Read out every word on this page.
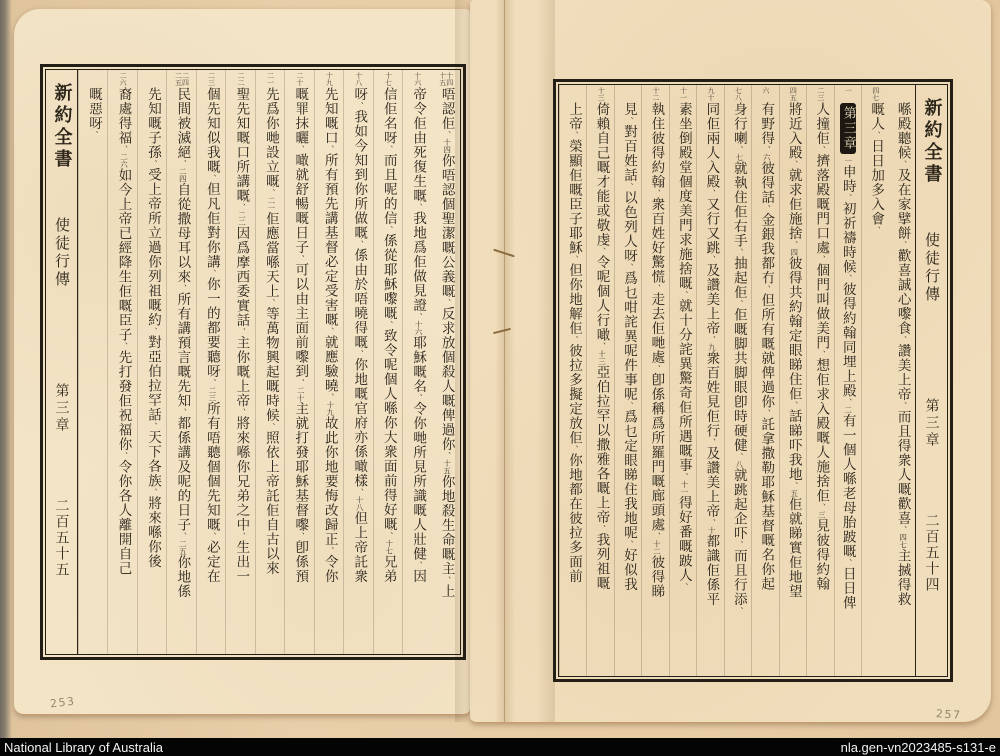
新約全書
使徒行傳
第三章
二百五十四
喺殿聽候、及在家擘餅、歡喜誠心嚟食、讚美上帝、而且得衆人嘅歡喜、四七主搣得救
四七
嘅人、日日加多入會、
一
第三章一申時、初祈禱時候、彼得約翰同埋上殿、二有一個人喺老母胎跛嘅、日日俾
二三
人撞佢、擠落殿嘅門口處、個門叫做美門、想佢求入殿嘅人施捨佢、三見彼得約翰
四五
將近入殿、就求佢施捨、四彼得共約翰定眼睇住佢、話睇吓我地、五佢就睇實佢地望
六
有野得、六彼得話、金銀我都冇、但所有嘅就俾過你、託拿撒勒耶穌基督嘅名你起
七八
身行喇、七就執住佢右手、抽起佢、佢嘅脚共脚眼卽時硬健、八就跳起企吓、而且行添、
九十
同佢兩人入殿、又行又跳、及讚美上帝、九衆百姓見佢行、及讚美上帝、十都識佢係平
十一
素坐倒殿堂個度美門求施捨嘅、就十分詫異驚奇佢所遇嘅事、十一得好番嘅跛人、
十二
執住彼得約翰、衆百姓好驚慌、走去佢哋處、卽係稱爲所羅門嘅廊頭處、十二彼得睇
見、對百姓話、以色列人呀、爲乜咁詫異呢件事呢、爲乜定眼睇住我地呢、好似我
十三
倚賴自己嘅才能或敬虔、令呢個人行噉、十三亞伯拉罕以撒雅各嘅上帝、我列祖嘅
上帝、榮顯佢嘅臣子耶穌、但你地解佢、彼拉多擬定放佢、你地都在彼拉多面前
十四十五
唔認佢、十四你唔認個聖潔嘅公義嘅、反求放個殺人嘅俾過你、十五你地殺生命嘅主、上
十六
帝令佢由死復生嘅、我地爲佢做見證、十六耶穌嘅名、令你哋所見所識嘅人壯健、因
十七
信佢名呀、而且呢的信、係從耶穌嚟嘅、致令呢個人喺你大衆面前得好嘅、十七兄弟
十八
呀、我如今知到你所做嘅、係由於唔曉得嘅、你地嘅官府亦係噉樣、十八但上帝託衆
十九
先知嘅口、所有預先講基督必定受害嘅、就應驗曉、十九故此你地要悔改歸正、令你
二十
嘅罪抹曬、噉就舒暢嘅日子、可以由主面前嚟到、二十主就打發耶穌基督嚟、卽係預
二一
先爲你哋設立嘅、二一佢應當喺天上、等萬物興起嘅時候、照依上帝託佢自古以來
二二
聖先知嘅口所講嘅、二二因爲摩西委實話、主你嘅上帝、將來喺你兄弟之中、生出一
二三
個先知似我嘅、但凡佢對你講、你一的都要聽呀、二三所有唔聽個個先知嘅、必定在
二四二五
民間被滅絕、二四自從撒母耳以來、所有講預言嘅先知、都係講及呢的日子、二五你地係
先知嘅子孫、受上帝所立過你列祖嘅約、對亞伯拉罕話、天下各族、將來喺你後
二六
裔處得福、二六如今上帝已經降生佢嘅臣子、先打發佢祝福你、令你各人離開自己
嘅惡呀、
新約全書
使徒行傳
第三章
二百五十五
253
257
National Library of Australia	nla.gen-vn2023485-s131-e
